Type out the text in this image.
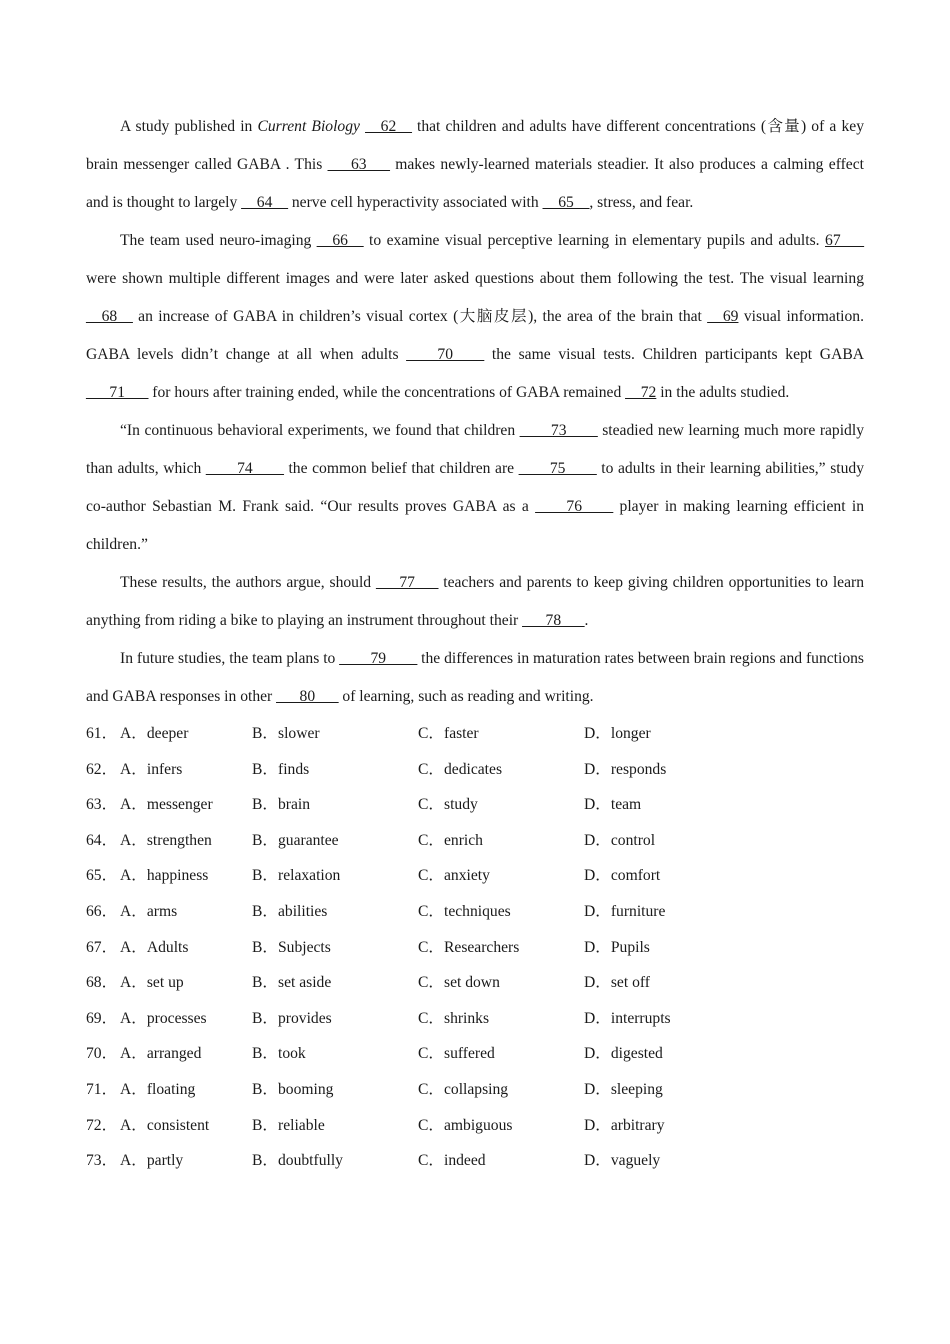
A study published in Current Biology __62__ that children and adults have different concentrations (含量) of a key brain messenger called GABA . This ___63___ makes newly-learned materials steadier. It also produces a calming effect and is thought to largely __64__ nerve cell hyperactivity associated with __65__, stress, and fear.

The team used neuro-imaging __66__ to examine visual perceptive learning in elementary pupils and adults. 67___ were shown multiple different images and were later asked questions about them following the test. The visual learning __68__ an increase of GABA in children’s visual cortex (大脑皮层), the area of the brain that __69 visual information. GABA levels didn’t change at all when adults ____70____ the same visual tests. Children participants kept GABA ___71___ for hours after training ended, while the concentrations of GABA remained __72 in the adults studied.

“In continuous behavioral experiments, we found that children ____73____ steadied new learning much more rapidly than adults, which ____74____ the common belief that children are ____75____ to adults in their learning abilities,” study co-author Sebastian M. Frank said. “Our results proves GABA as a ____76____ player in making learning efficient in children.”

These results, the authors argue, should ___77___ teachers and parents to keep giving children opportunities to learn anything from riding a bike to playing an instrument throughout their ___78___.

In future studies, the team plans to ____79____ the differences in maturation rates between brain regions and functions and GABA responses in other ___80___ of learning, such as reading and writing.

61． A．deeper	B．slower	C．faster	D．longer
62． A．infers	B．finds	C．dedicates	D．responds
63． A．messenger	B．brain	C．study	D．team
64． A．strengthen	B．guarantee	C．enrich	D．control
65． A．happiness	B．relaxation	C．anxiety	D．comfort
66． A．arms	B．abilities	C．techniques	D．furniture
67． A．Adults	B．Subjects	C．Researchers	D．Pupils
68． A．set up	B．set aside	C．set down	D．set off
69． A．processes	B．provides	C．shrinks	D．interrupts
70． A．arranged	B．took	C．suffered	D．digested
71． A．floating	B．booming	C．collapsing	D．sleeping
72． A．consistent	B．reliable	C．ambiguous	D．arbitrary
73． A．partly	B．doubtfully	C．indeed	D．vaguely
